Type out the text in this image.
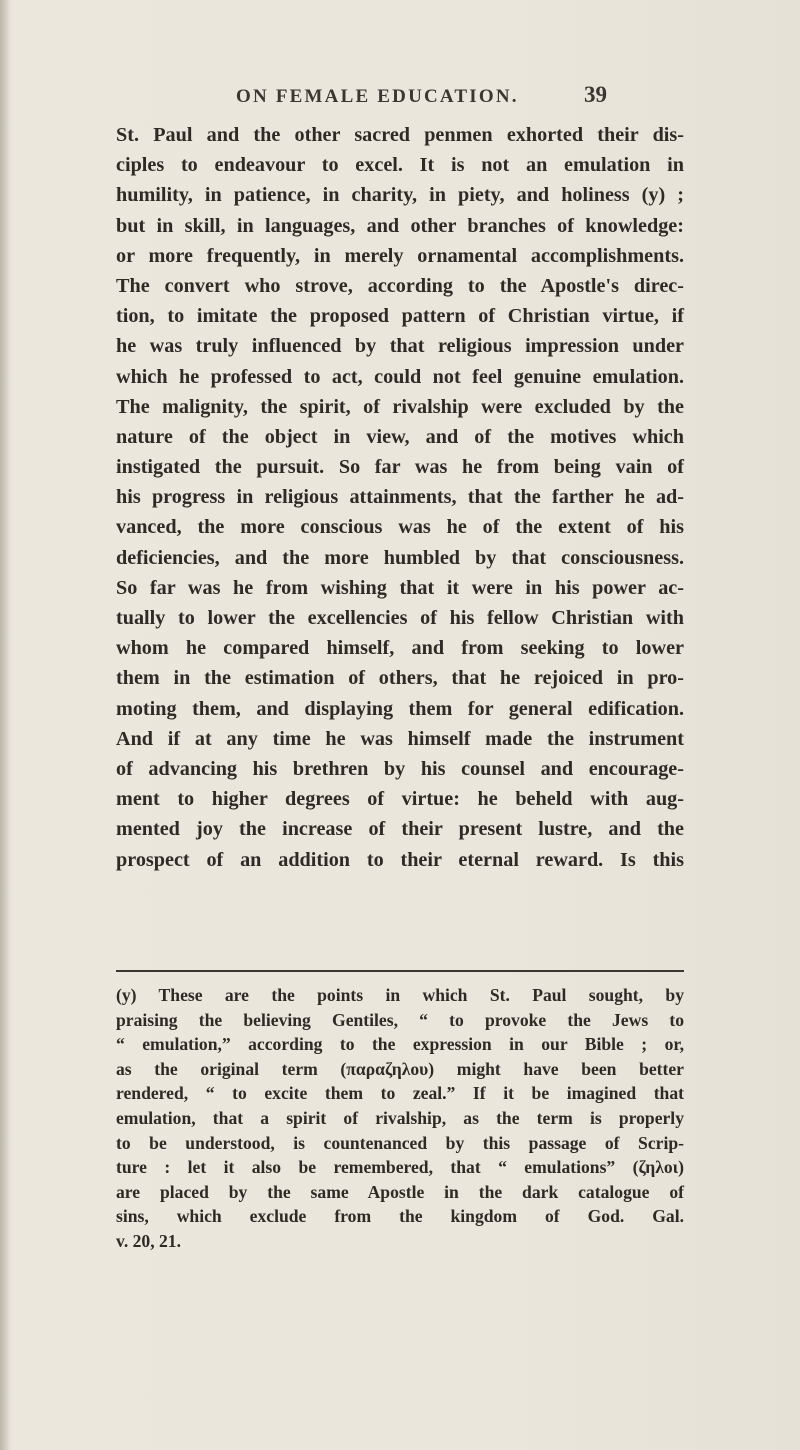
ON FEMALE EDUCATION.	39
St. Paul and the other sacred penmen exhorted their dis-
ciples to endeavour to excel. It is not an emulation in
humility, in patience, in charity, in piety, and holiness (y) ;
but in skill, in languages, and other branches of knowledge:
or more frequently, in merely ornamental accomplishments.
The convert who strove, according to the Apostle's direc-
tion, to imitate the proposed pattern of Christian virtue, if
he was truly influenced by that religious impression under
which he professed to act, could not feel genuine emulation.
The malignity, the spirit, of rivalship were excluded by the
nature of the object in view, and of the motives which
instigated the pursuit. So far was he from being vain of
his progress in religious attainments, that the farther he ad-
vanced, the more conscious was he of the extent of his
deficiencies, and the more humbled by that consciousness.
So far was he from wishing that it were in his power ac-
tually to lower the excellencies of his fellow Christian with
whom he compared himself, and from seeking to lower
them in the estimation of others, that he rejoiced in pro-
moting them, and displaying them for general edification.
And if at any time he was himself made the instrument
of advancing his brethren by his counsel and encourage-
ment to higher degrees of virtue: he beheld with aug-
mented joy the increase of their present lustre, and the
prospect of an addition to their eternal reward. Is this
(y) These are the points in which St. Paul sought, by
praising the believing Gentiles, “ to provoke the Jews to
“ emulation,” according to the expression in our Bible ; or,
as the original term (παραζηλου) might have been better
rendered, “ to excite them to zeal.” If it be imagined that
emulation, that a spirit of rivalship, as the term is properly
to be understood, is countenanced by this passage of Scrip-
ture : let it also be remembered, that “ emulations” (ζηλοι)
are placed by the same Apostle in the dark catalogue of
sins, which exclude from the kingdom of God. Gal.
v. 20, 21.
